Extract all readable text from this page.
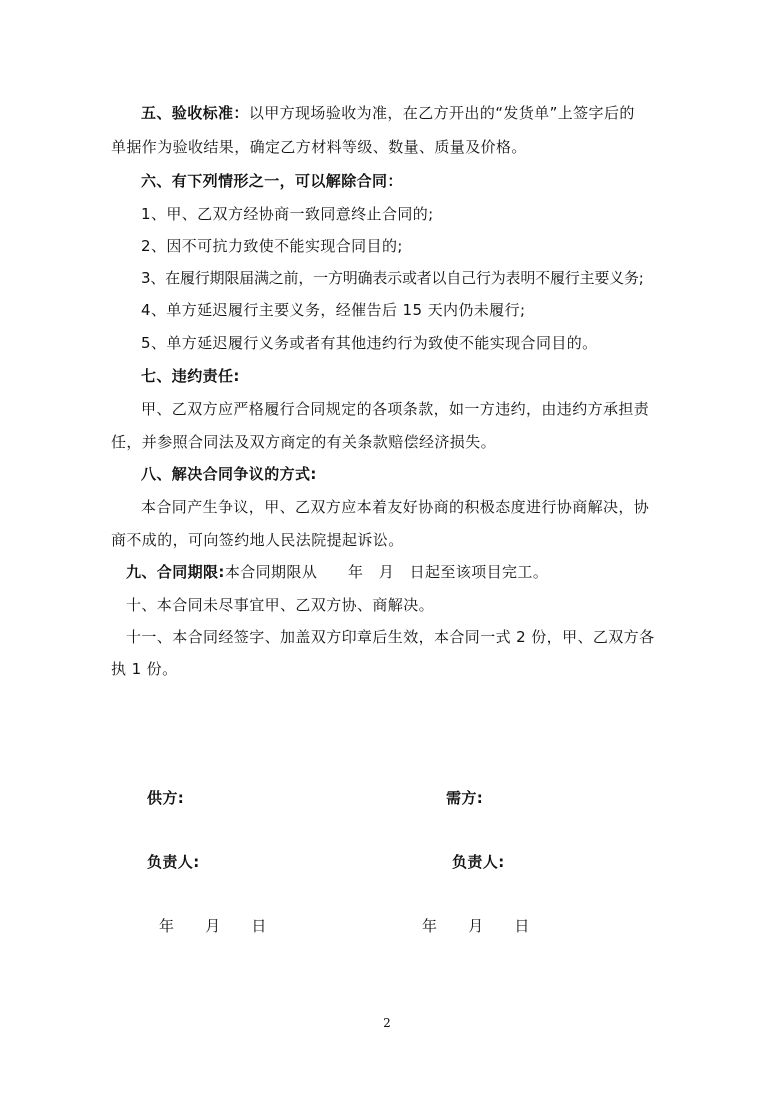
五、验收标准：以甲方现场验收为准，在乙方开出的“发货单”上签字后的
单据作为验收结果，确定乙方材料等级、数量、质量及价格。
六、有下列情形之一，可以解除合同：
1、甲、乙双方经协商一致同意终止合同的;
2、因不可抗力致使不能实现合同目的;
3、在履行期限届满之前，一方明确表示或者以自己行为表明不履行主要义务;
4、单方延迟履行主要义务，经催告后 15 天内仍未履行;
5、单方延迟履行义务或者有其他违约行为致使不能实现合同目的。
七、违约责任:
甲、乙双方应严格履行合同规定的各项条款，如一方违约，由违约方承担责
任，并参照合同法及双方商定的有关条款赔偿经济损失。
八、解决合同争议的方式:
本合同产生争议，甲、乙双方应本着友好协商的积极态度进行协商解决，协
商不成的，可向签约地人民法院提起诉讼。
九、合同期限:本合同期限从　　年　月　日起至该项目完工。
十、本合同未尽事宜甲、乙双方协、商解决。
十一、本合同经签字、加盖双方印章后生效，本合同一式 2 份，甲、乙双方各
执 1 份。
供方:	需方:
负责人:	负责人:
年　　月　　日	年　　月　　日
2
